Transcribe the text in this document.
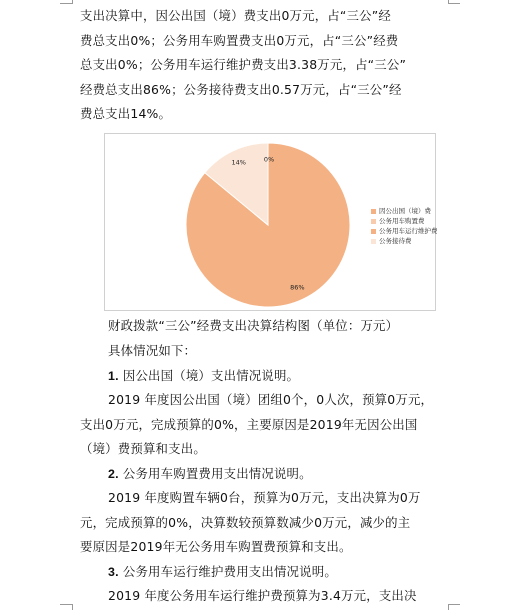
支出决算中，因公出国（境）费支出0万元，占“三公”经
费总支出0%；公务用车购置费支出0万元，占“三公”经费
总支出0%；公务用车运行维护费支出3.38万元，占“三公”
经费总支出86%；公务接待费支出0.57万元，占“三公”经
费总支出14%。
0%
86%
14%
因公出国（境）费
公务用车购置费
公务用车运行维护费
公务接待费
财政拨款“三公”经费支出决算结构图（单位：万元）
具体情况如下：
1. 因公出国（境）支出情况说明。
2019 年度因公出国（境）团组0个，0人次，预算0万元，
支出0万元，完成预算的0%，主要原因是2019年无因公出国
（境）费预算和支出。
2. 公务用车购置费用支出情况说明。
2019 年度购置车辆0台，预算为0万元，支出决算为0万
元，完成预算的0%，决算数较预算数减少0万元，减少的主
要原因是2019年无公务用车购置费预算和支出。
3. 公务用车运行维护费用支出情况说明。
2019 年度公务用车运行维护费预算为3.4万元，支出决
